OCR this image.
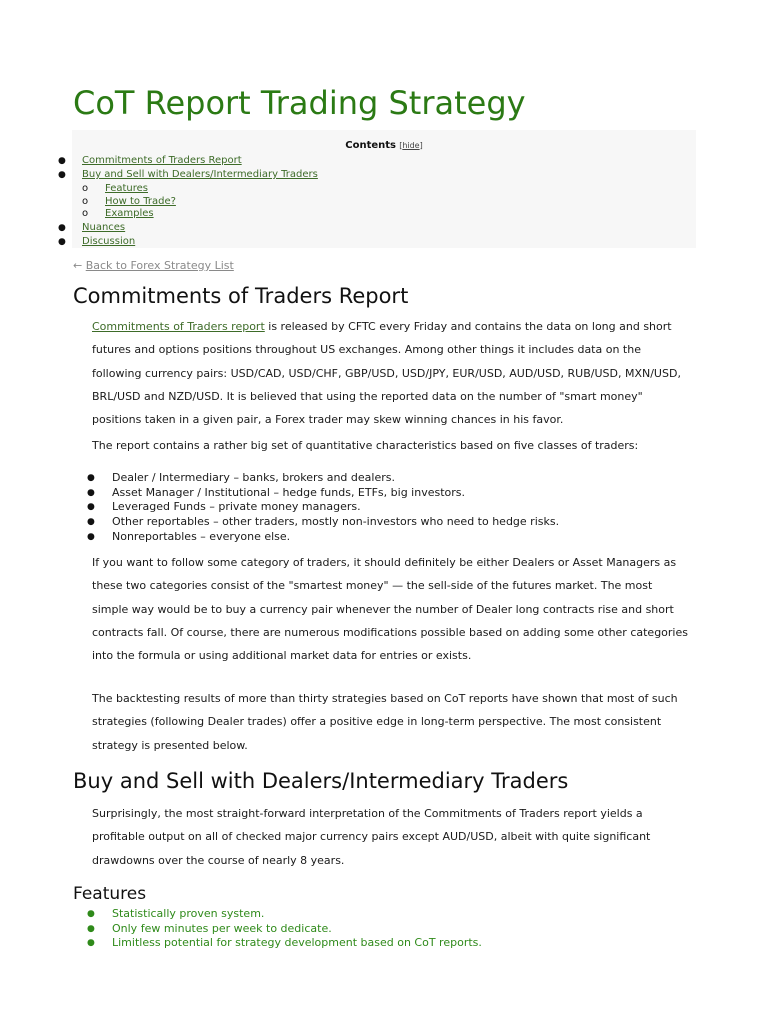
CoT Report Trading Strategy
Contents [hide]
● Commitments of Traders Report
● Buy and Sell with Dealers/Intermediary Traders
● Nuances
● Discussion
o Features
o How to Trade?
o Examples
← Back to Forex Strategy List
Commitments of Traders Report

Commitments of Traders report is released by CFTC every Friday and contains the data on long and short futures and options positions throughout US exchanges. Among other things it includes data on the following currency pairs: USD/CAD, USD/CHF, GBP/USD, USD/JPY, EUR/USD, AUD/USD, RUB/USD, MXN/USD, BRL/USD and NZD/USD. It is believed that using the reported data on the number of "smart money" positions taken in a given pair, a Forex trader may skew winning chances in his favor.

The report contains a rather big set of quantitative characteristics based on five classes of traders:

● Dealer / Intermediary – banks, brokers and dealers.
● Asset Manager / Institutional – hedge funds, ETFs, big investors.
● Leveraged Funds – private money managers.
● Other reportables – other traders, mostly non-investors who need to hedge risks.
● Nonreportables – everyone else.

If you want to follow some category of traders, it should definitely be either Dealers or Asset Managers as these two categories consist of the "smartest money" — the sell-side of the futures market. The most simple way would be to buy a currency pair whenever the number of Dealer long contracts rise and short contracts fall. Of course, there are numerous modifications possible based on adding some other categories into the formula or using additional market data for entries or exists.

The backtesting results of more than thirty strategies based on CoT reports have shown that most of such strategies (following Dealer trades) offer a positive edge in long-term perspective. The most consistent strategy is presented below.

Buy and Sell with Dealers/Intermediary Traders

Surprisingly, the most straight-forward interpretation of the Commitments of Traders report yields a profitable output on all of checked major currency pairs except AUD/USD, albeit with quite significant drawdowns over the course of nearly 8 years.

Features
● Statistically proven system.
● Only few minutes per week to dedicate.
● Limitless potential for strategy development based on CoT reports.
